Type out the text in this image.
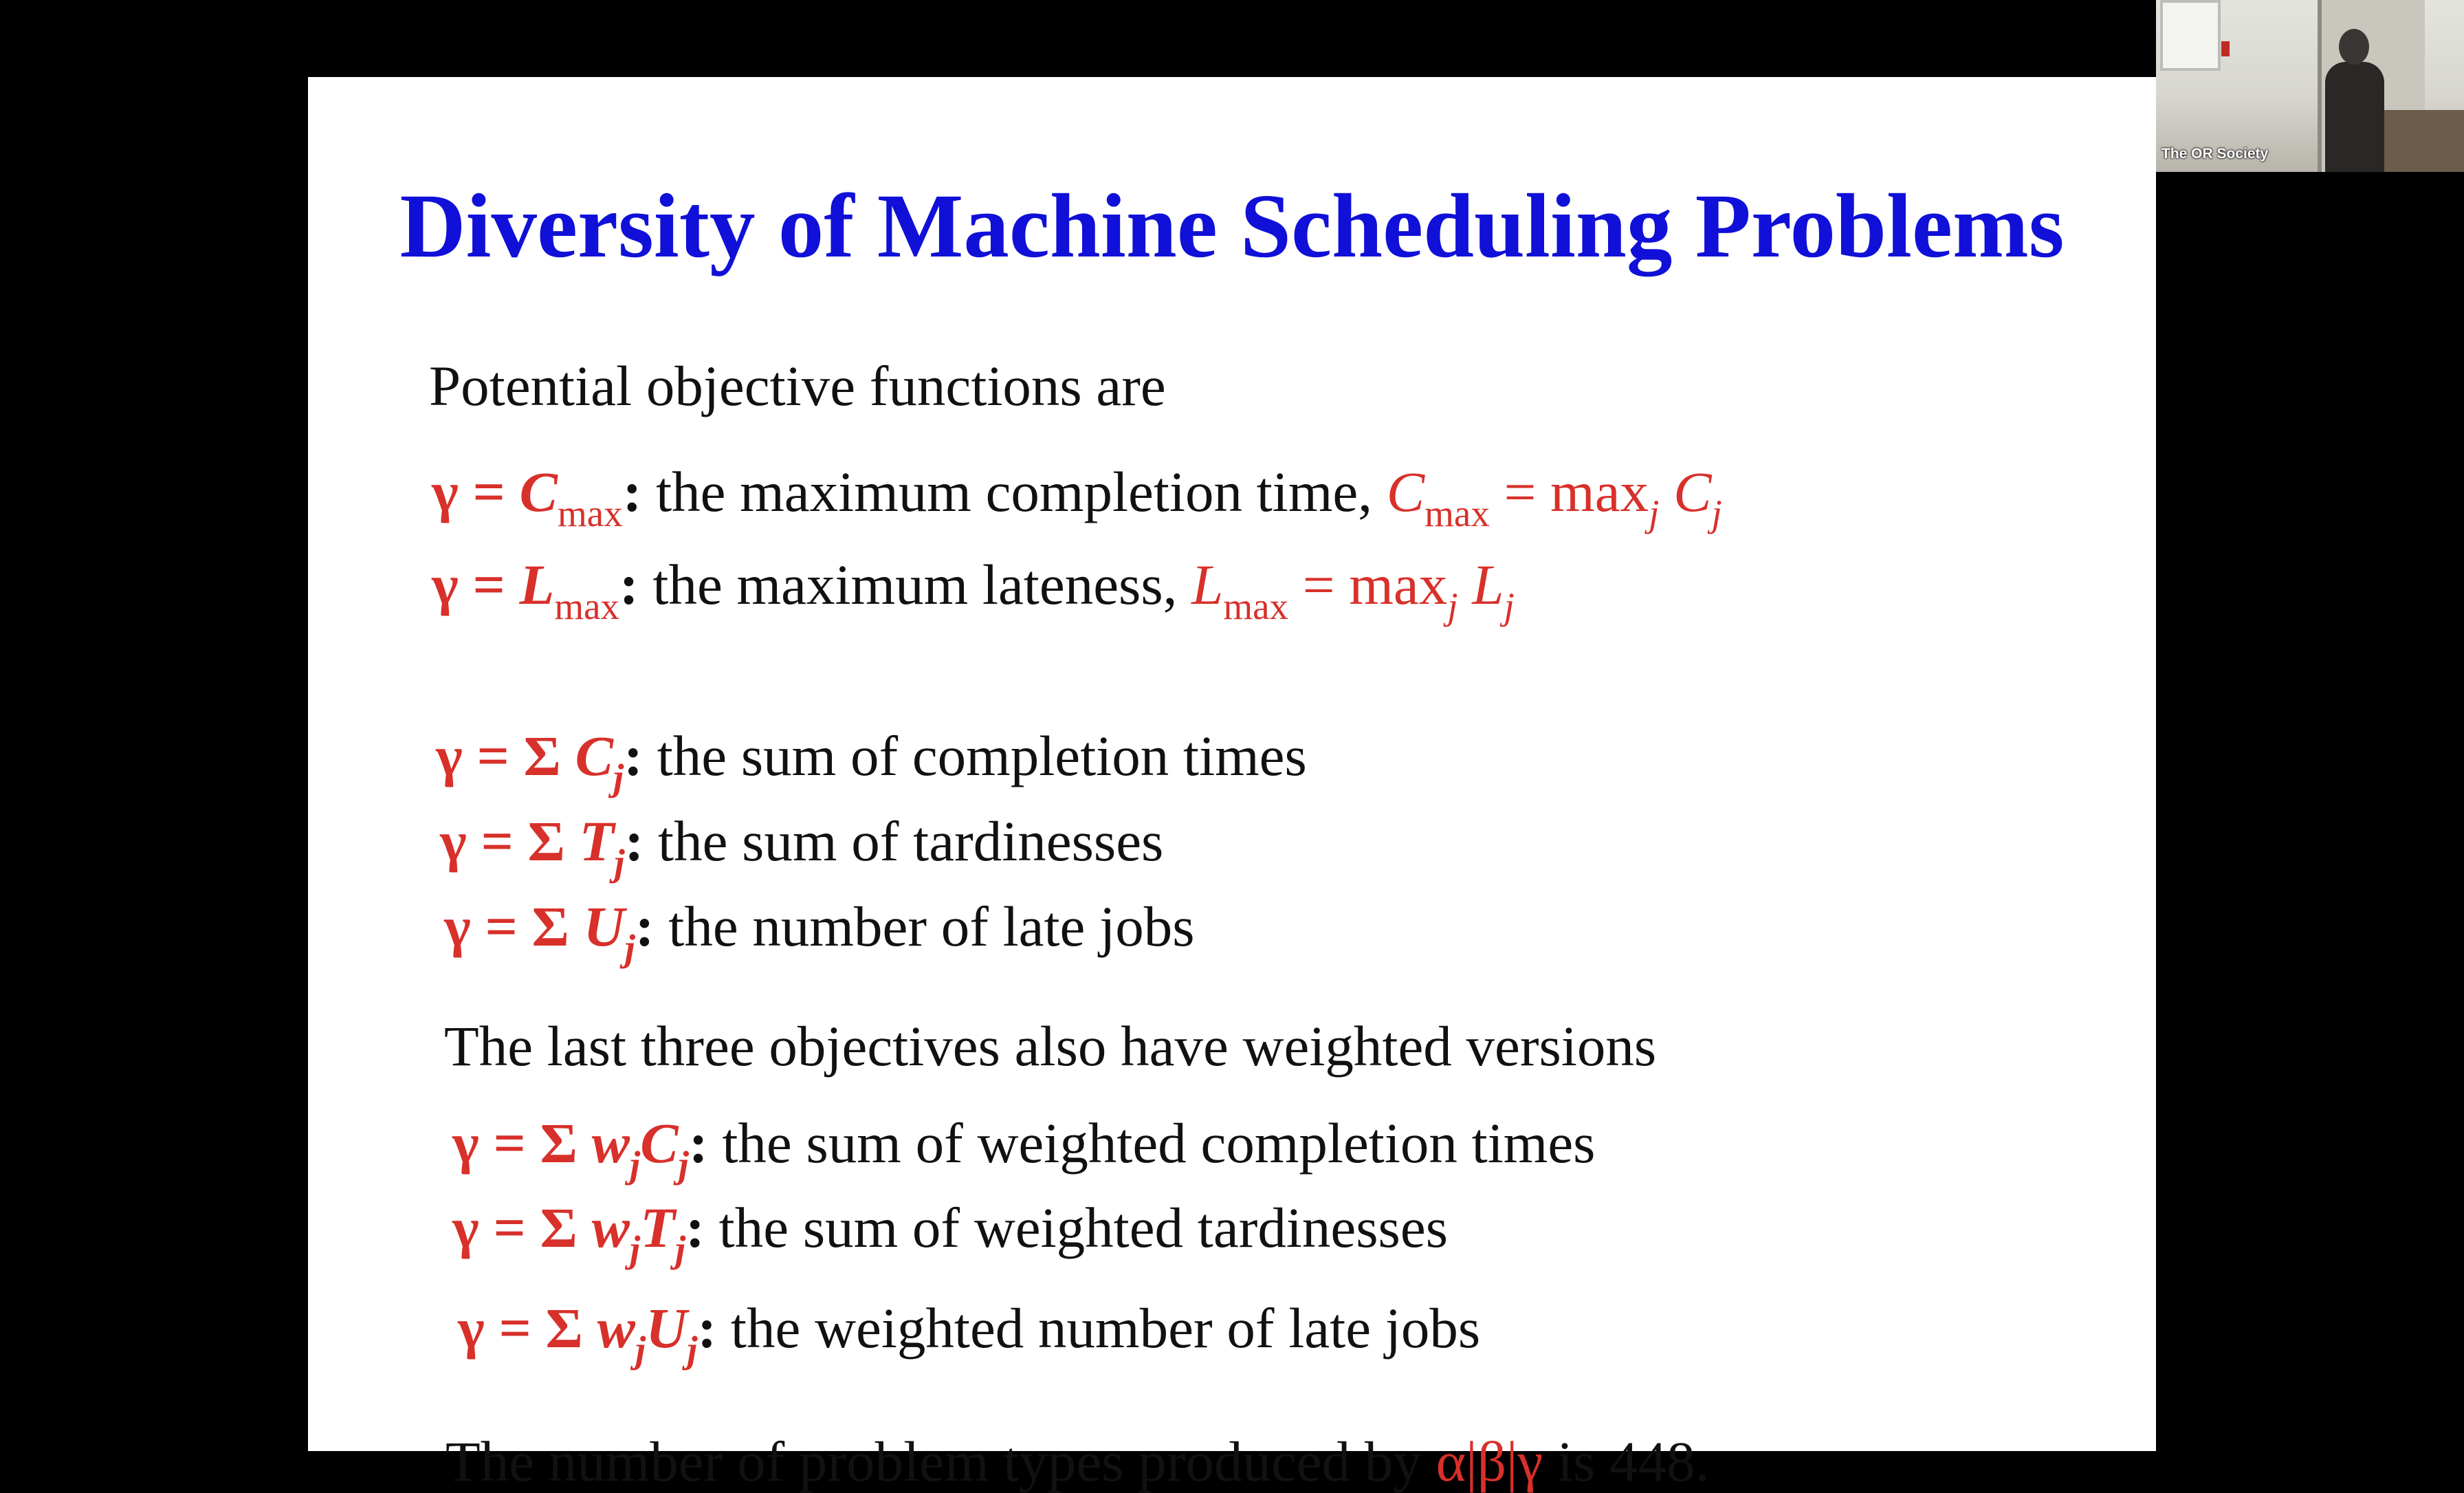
Diversity of Machine Scheduling Problems
Potential objective functions are
$\gamma = C_{max}$: the maximum completion time, $C_{max} = \max_j C_j$
$\gamma = L_{max}$: the maximum lateness, $L_{max} = \max_j L_j$
γ = Σ $C_j$: the sum of completion times
γ = Σ $T_j$: the sum of tardinesses
γ = Σ $U_j$: the number of late jobs
The last three objectives also have weighted versions
γ = Σ $w_jC_j$: the sum of weighted completion times
γ = Σ $w_jT_j$: the sum of weighted tardinesses
γ = Σ $w_jU_j$: the weighted number of late jobs
The number of problem types produced by α|β|γ is 448.
The OR Society
